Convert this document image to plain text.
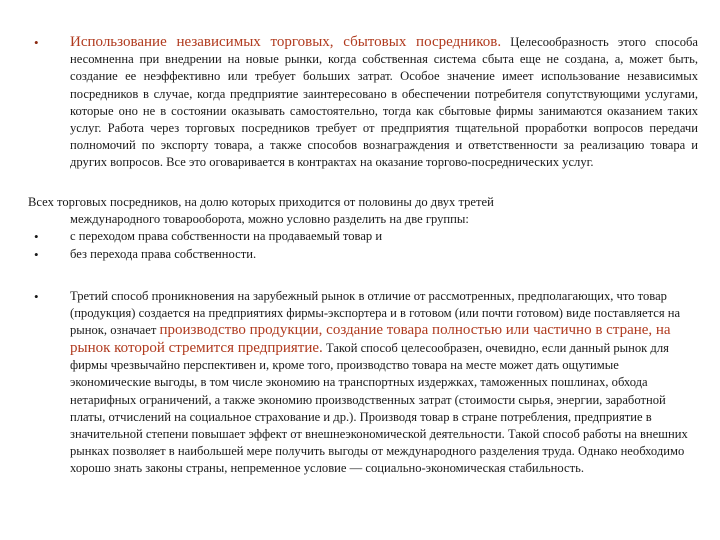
• Использование независимых торговых, сбытовых посредников. Целесообразность этого способа несомненна при внедрении на новые рынки, когда собственная система сбыта еще не создана, а, может быть, создание ее неэффективно или требует больших затрат. Особое значение имеет использование независимых посредников в случае, когда предприятие заинтересовано в обеспечении потребителя сопутствующими услугами, которые оно не в состоянии оказывать самостоятельно, тогда как сбытовые фирмы занимаются оказанием таких услуг. Работа через торговых посредников требует от предприятия тщательной проработки вопросов передачи полномочий по экспорту товара, а также способов вознаграждения и ответственности за реализацию товара и других вопросов. Все это оговаривается в контрактах на оказание торгово-посреднических услуг.
Всех торговых посредников, на долю которых приходится от половины до двух третей
международного товарооборота, можно условно разделить на две группы:
• с переходом права собственности на продаваемый товар и
• без перехода права собственности.
• Третий способ проникновения на зарубежный рынок в отличие от рассмотренных, предполагающих, что товар (продукция) создается на предприятиях фирмы-экспортера и в готовом (или почти готовом) виде поставляется на рынок, означает производство продукции, создание товара полностью или частично в стране, на рынок которой стремится предприятие. Такой способ целесообразен, очевидно, если данный рынок для фирмы чрезвычайно перспективен и, кроме того, производство товара на месте может дать ощутимые экономические выгоды, в том числе экономию на транспортных издержках, таможенных пошлинах, обхода нетарифных ограничений, а также экономию производственных затрат (стоимости сырья, энергии, заработной платы, отчислений на социальное страхование и др.). Производя товар в стране потребления, предприятие в значительной степени повышает эффект от внешнеэкономической деятельности. Такой способ работы на внешних рынках позволяет в наибольшей мере получить выгоды от международного разделения труда. Однако необходимо хорошо знать законы страны, непременное условие — социально-экономическая стабильность.
